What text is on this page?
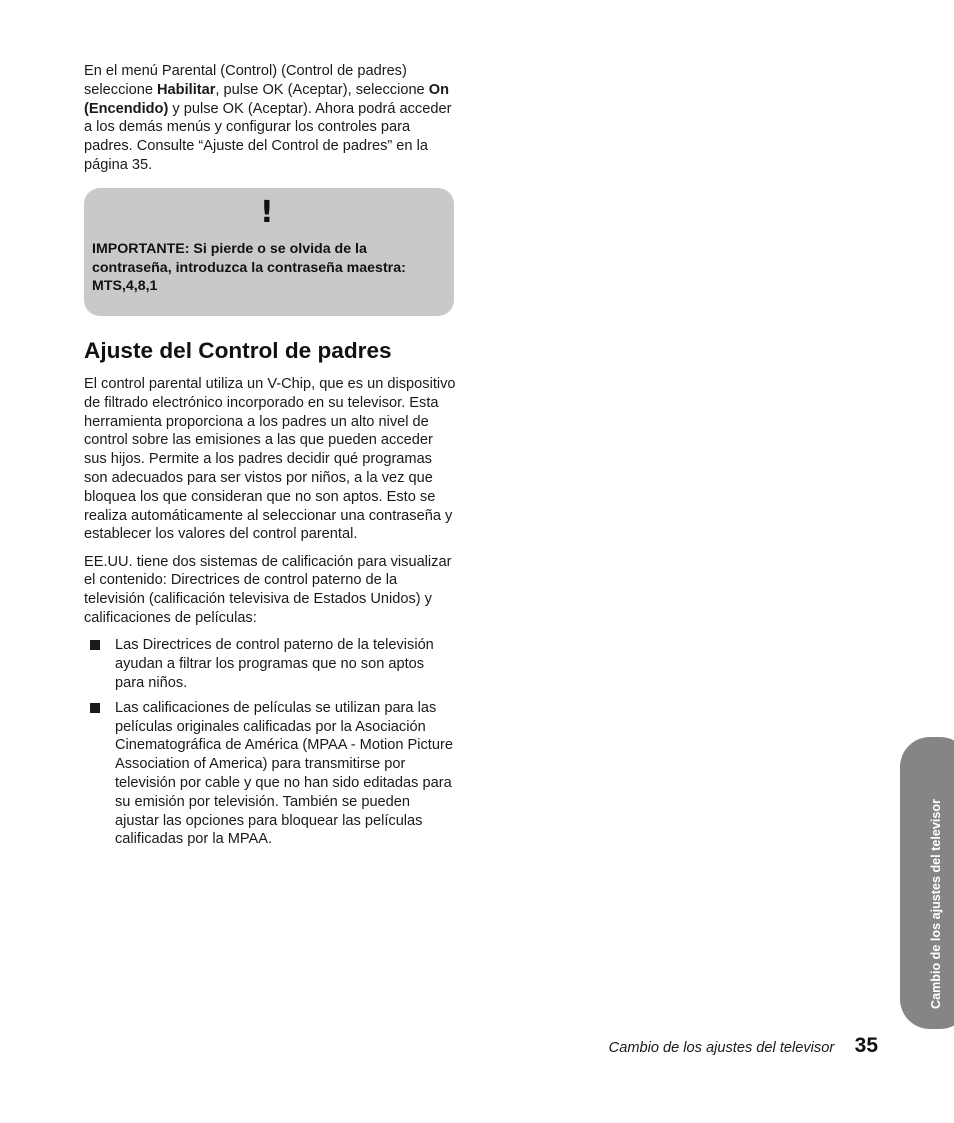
En el menú Parental (Control) (Control de padres) seleccione Habilitar, pulse OK (Aceptar), seleccione On (Encendido) y pulse OK (Aceptar). Ahora podrá acceder a los demás menús y configurar los controles para padres. Consulte “Ajuste del Control de padres” en la página 35.

!
IMPORTANTE: Si pierde o se olvida de la contraseña, introduzca la contraseña maestra: MTS,4,8,1
Ajuste del Control de padres

El control parental utiliza un V-Chip, que es un dispositivo de filtrado electrónico incorporado en su televisor. Esta herramienta proporciona a los padres un alto nivel de control sobre las emisiones a las que pueden acceder sus hijos. Permite a los padres decidir qué programas son adecuados para ser vistos por niños, a la vez que bloquea los que consideran que no son aptos. Esto se realiza automáticamente al seleccionar una contraseña y establecer los valores del control parental.

EE.UU. tiene dos sistemas de calificación para visualizar el contenido: Directrices de control paterno de la televisión (calificación televisiva de Estados Unidos) y calificaciones de películas:

Las Directrices de control paterno de la televisión ayudan a filtrar los programas que no son aptos para niños.
Las calificaciones de películas se utilizan para las películas originales calificadas por la Asociación Cinematográfica de América (MPAA - Motion Picture Association of America) para transmitirse por televisión por cable y que no han sido editadas para su emisión por televisión. También se pueden ajustar las opciones para bloquear las películas calificadas por la MPAA.	Cambio de los ajustes del televisor
Cambio de los ajustes del televisor 35
